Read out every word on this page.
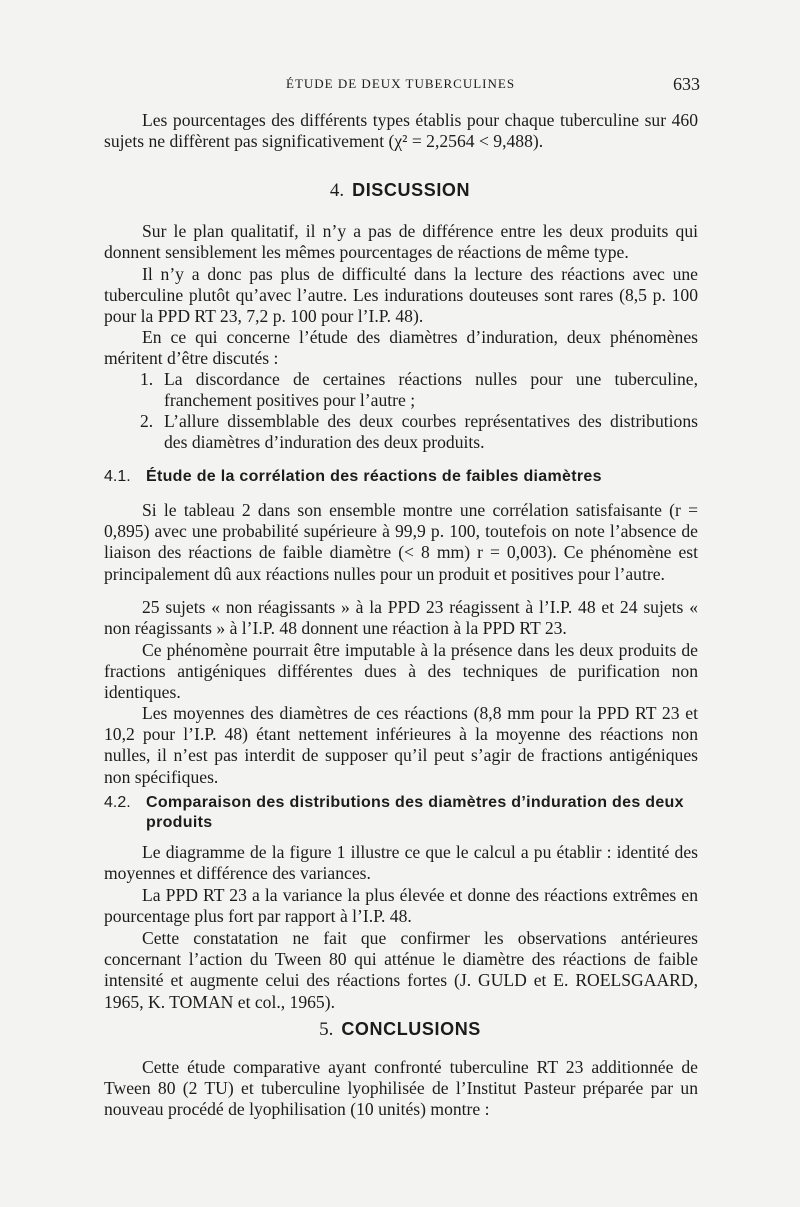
ÉTUDE DE DEUX TUBERCULINES	633

Les pourcentages des différents types établis pour chaque tuberculine sur 460 sujets ne diffèrent pas significativement (χ² = 2,2564 < 9,488).

4. DISCUSSION

Sur le plan qualitatif, il n’y a pas de différence entre les deux produits qui donnent sensiblement les mêmes pourcentages de réactions de même type.

Il n’y a donc pas plus de difficulté dans la lecture des réactions avec une tuberculine plutôt qu’avec l’autre. Les indurations douteuses sont rares (8,5 p. 100 pour la PPD RT 23, 7,2 p. 100 pour l’I.P. 48).

En ce qui concerne l’étude des diamètres d’induration, deux phénomènes méritent d’être discutés :

1. La discordance de certaines réactions nulles pour une tuberculine, franchement positives pour l’autre ;
2. L’allure dissemblable des deux courbes représentatives des distributions des diamètres d’induration des deux produits.
4.1. Étude de la corrélation des réactions de faibles diamètres

Si le tableau 2 dans son ensemble montre une corrélation satisfaisante (r = 0,895) avec une probabilité supérieure à 99,9 p. 100, toutefois on note l’absence de liaison des réactions de faible diamètre (< 8 mm) r = 0,003). Ce phénomène est principalement dû aux réactions nulles pour un produit et positives pour l’autre.

25 sujets « non réagissants » à la PPD 23 réagissent à l’I.P. 48 et 24 sujets « non réagissants » à l’I.P. 48 donnent une réaction à la PPD RT 23.

Ce phénomène pourrait être imputable à la présence dans les deux produits de fractions antigéniques différentes dues à des techniques de purification non identiques.

Les moyennes des diamètres de ces réactions (8,8 mm pour la PPD RT 23 et 10,2 pour l’I.P. 48) étant nettement inférieures à la moyenne des réactions non nulles, il n’est pas interdit de supposer qu’il peut s’agir de fractions antigéniques non spécifiques.

4.2. Comparaison des distributions des diamètres d’induration des deux produits

Le diagramme de la figure 1 illustre ce que le calcul a pu établir : identité des moyennes et différence des variances.

La PPD RT 23 a la variance la plus élevée et donne des réactions extrêmes en pourcentage plus fort par rapport à l’I.P. 48.

Cette constatation ne fait que confirmer les observations antérieures concernant l’action du Tween 80 qui atténue le diamètre des réactions de faible intensité et augmente celui des réactions fortes (J. GULD et E. ROELSGAARD, 1965, K. TOMAN et col., 1965).

5. CONCLUSIONS

Cette étude comparative ayant confronté tuberculine RT 23 additionnée de Tween 80 (2 TU) et tuberculine lyophilisée de l’Institut Pasteur préparée par un nouveau procédé de lyophilisation (10 unités) montre :
